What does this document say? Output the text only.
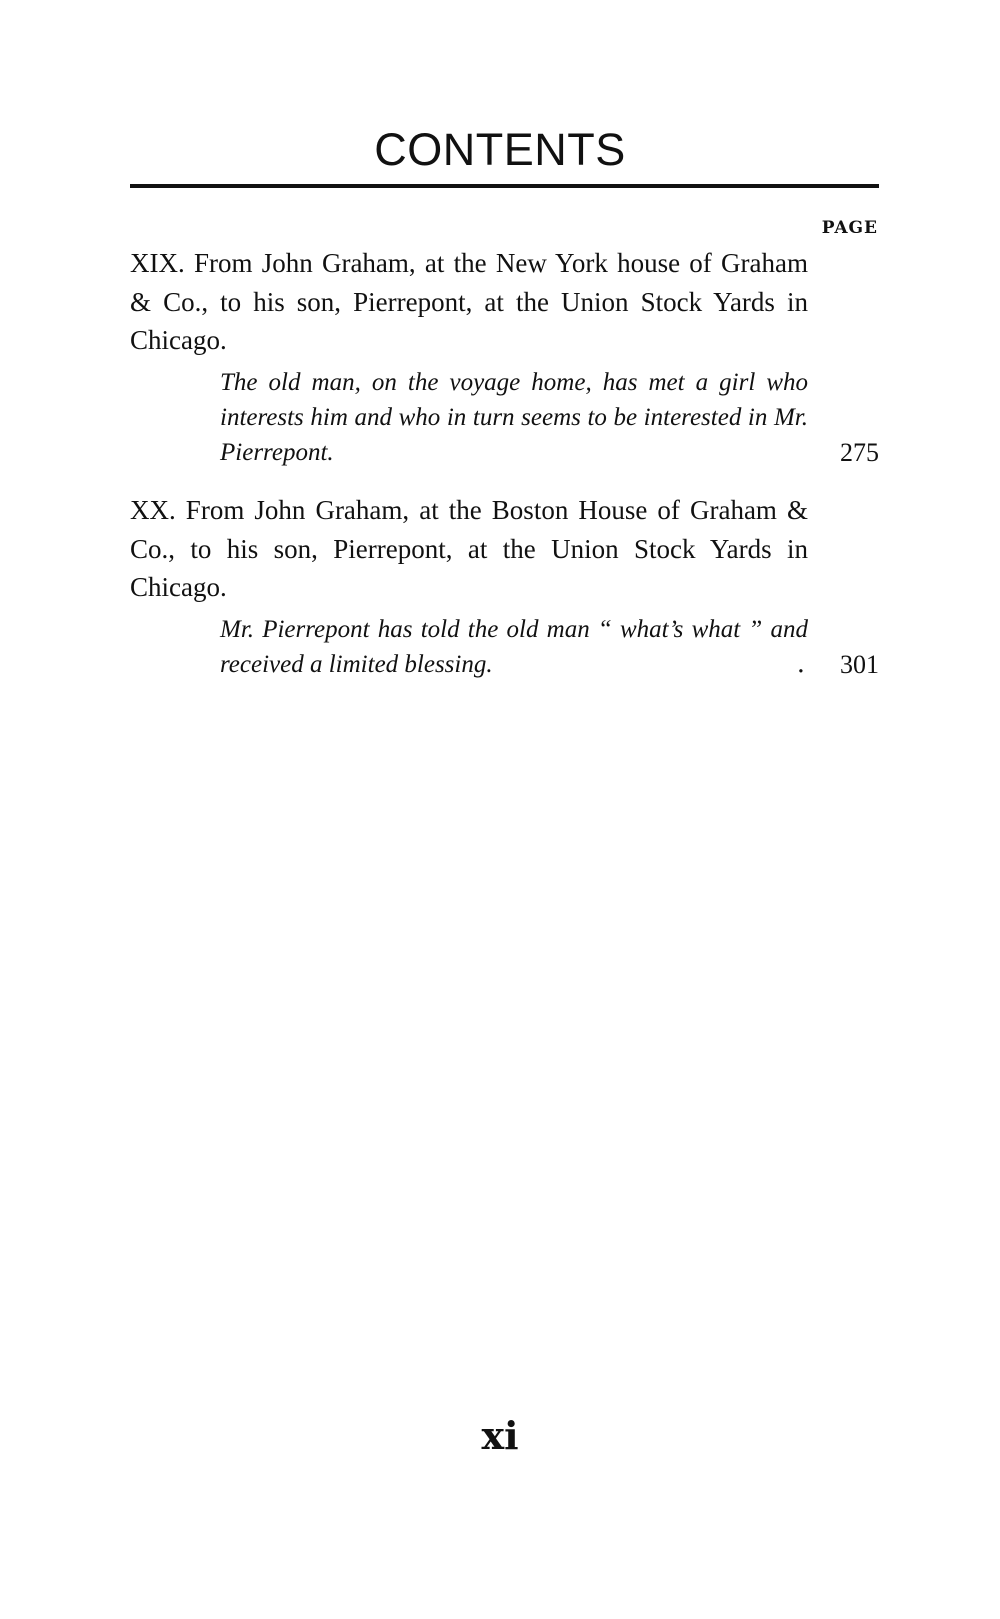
CONTENTS
PAGE
XIX. From John Graham, at the New York house of Graham & Co., to his son, Pierrepont, at the Union Stock Yards in Chicago.
The old man, on the voyage home, has met a girl who interests him and who in turn seems to be interested in Mr. Pierrepont.	275
XX. From John Graham, at the Boston House of Graham & Co., to his son, Pierrepont, at the Union Stock Yards in Chicago.
Mr. Pierrepont has told the old man “ what’s what ” and received a limited blessing.	. 301
xi
